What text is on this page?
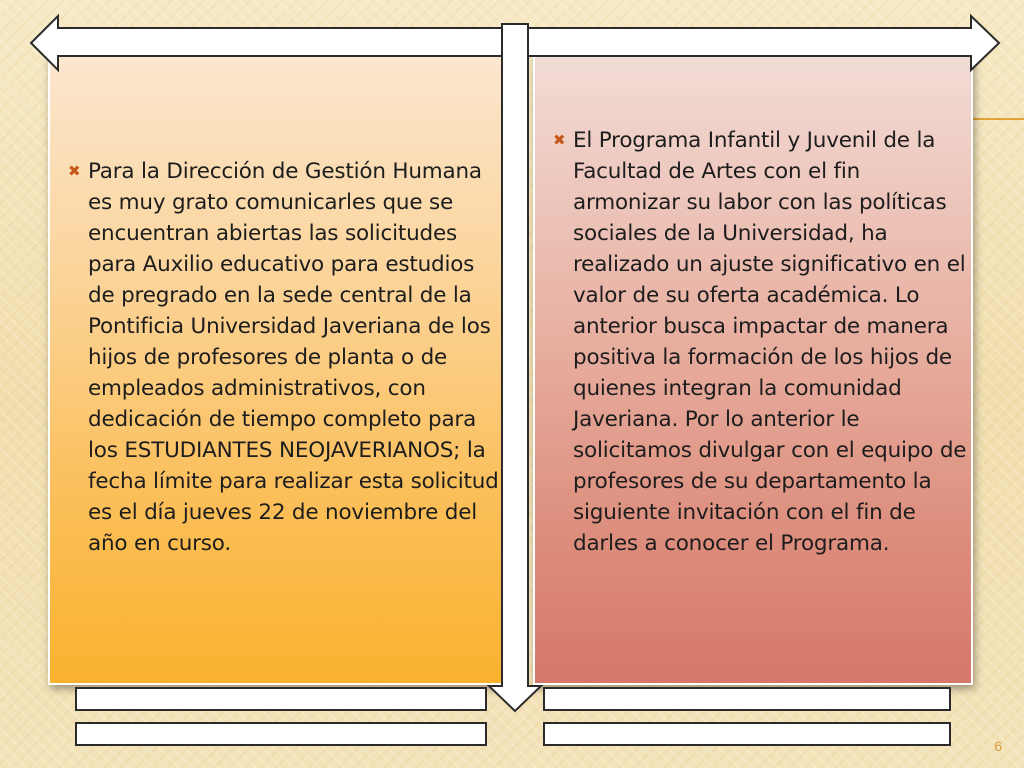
✖ Para la Dirección de Gestión Humana es muy grato comunicarles que se encuentran abiertas las solicitudes para Auxilio educativo para estudios de pregrado en la sede central de la Pontificia Universidad Javeriana de los hijos de profesores de planta o de empleados administrativos, con dedicación de tiempo completo para los ESTUDIANTES NEOJAVERIANOS; la fecha límite para realizar esta solicitud es el día jueves 22 de noviembre del año en curso.

✖ El Programa Infantil y Juvenil de la Facultad de Artes con el fin armonizar su labor con las políticas sociales de la Universidad, ha realizado un ajuste significativo en el valor de su oferta académica. Lo anterior busca impactar de manera positiva la formación de los hijos de quienes integran la comunidad Javeriana. Por lo anterior le solicitamos divulgar con el equipo de profesores de su departamento la siguiente invitación con el fin de darles a conocer el Programa.

6
